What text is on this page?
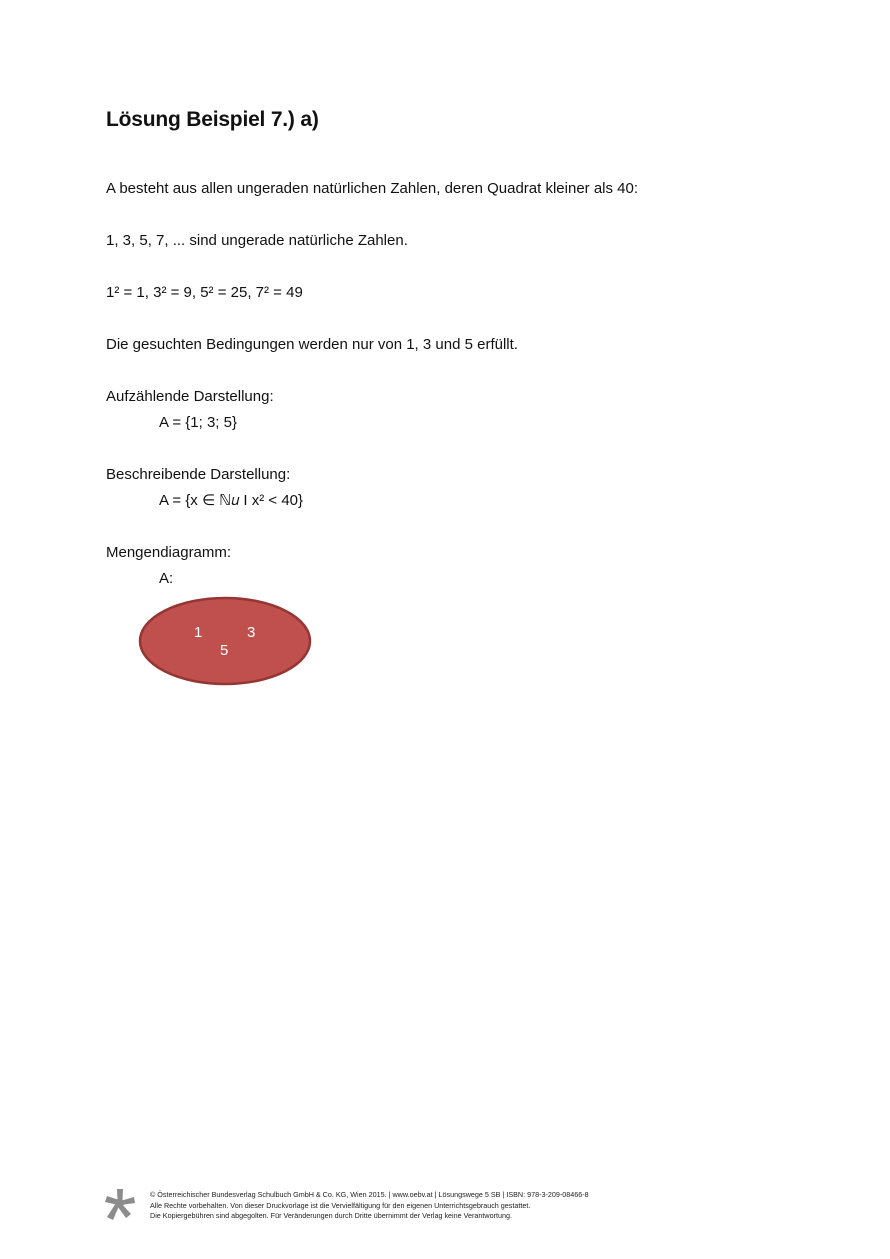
Lösung Beispiel 7.) a)
A besteht aus allen ungeraden natürlichen Zahlen, deren Quadrat kleiner als 40:
1, 3, 5, 7, ... sind ungerade natürliche Zahlen.
1² = 1, 3² = 9, 5² = 25, 7² = 49
Die gesuchten Bedingungen werden nur von 1, 3 und 5 erfüllt.
Aufzählende Darstellung:
A = {1; 3; 5}
Beschreibende Darstellung:
A = {x ∈ ℕ𝑢 I x² < 40}
Mengendiagramm:
A:
1	3
5
© Österreichischer Bundesverlag Schulbuch GmbH & Co. KG, Wien 2015. | www.oebv.at | Lösungswege 5 SB | ISBN: 978-3-209-08466-8
Alle Rechte vorbehalten. Von dieser Druckvorlage ist die Vervielfältigung für den eigenen Unterrichtsgebrauch gestattet.
Die Kopiergebühren sind abgegolten. Für Veränderungen durch Dritte übernimmt der Verlag keine Verantwortung.
